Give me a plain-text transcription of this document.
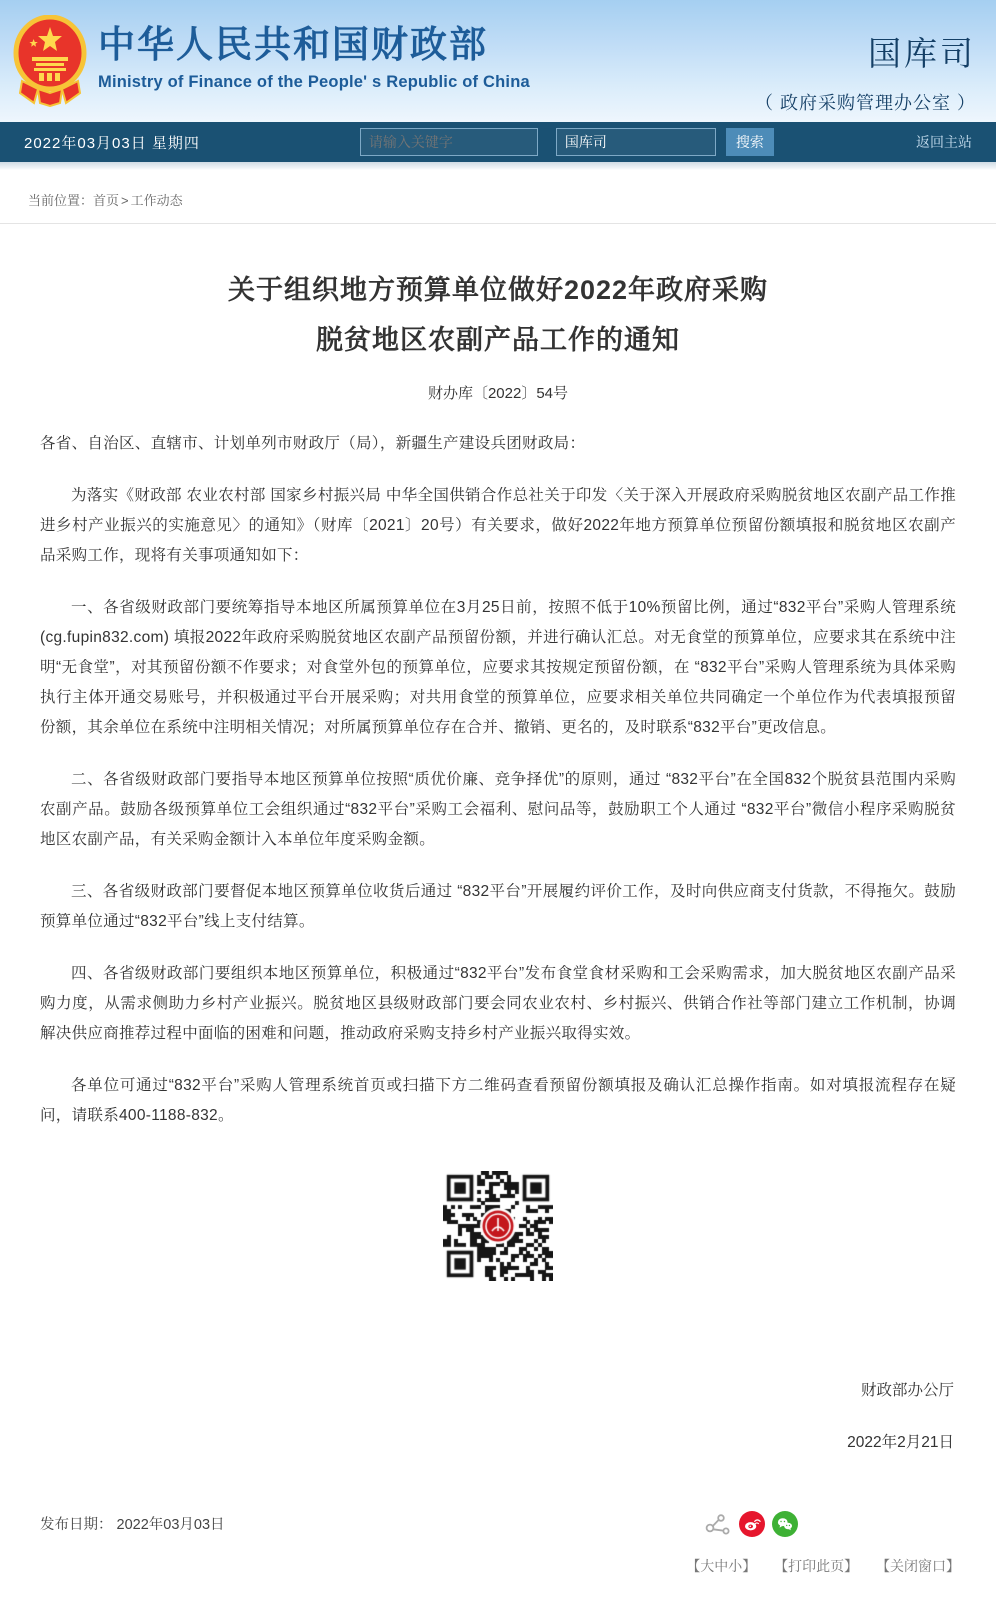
中华人民共和国财政部
Ministry of Finance of the People' s Republic of China
国库司
（ 政府采购管理办公室 ）
2022年03月03日 星期四
请输入关键字
国库司	搜索	返回主站
当前位置：首页 > 工作动态
关于组织地方预算单位做好2022年政府采购
脱贫地区农副产品工作的通知
财办库〔2022〕54号

各省、自治区、直辖市、计划单列市财政厅（局），新疆生产建设兵团财政局：

为落实《财政部 农业农村部 国家乡村振兴局 中华全国供销合作总社关于印发〈关于深入开展政府采购脱贫地区农副产品工作推进乡村产业振兴的实施意见〉的通知》（财库〔2021〕20号）有关要求，做好2022年地方预算单位预留份额填报和脱贫地区农副产品采购工作，现将有关事项通知如下：

一、各省级财政部门要统筹指导本地区所属预算单位在3月25日前，按照不低于10%预留比例，通过“832平台”采购人管理系统(cg.fupin832.com) 填报2022年政府采购脱贫地区农副产品预留份额，并进行确认汇总。对无食堂的预算单位，应要求其在系统中注明“无食堂”，对其预留份额不作要求；对食堂外包的预算单位，应要求其按规定预留份额，在 “832平台”采购人管理系统为具体采购执行主体开通交易账号，并积极通过平台开展采购；对共用食堂的预算单位，应要求相关单位共同确定一个单位作为代表填报预留份额，其余单位在系统中注明相关情况；对所属预算单位存在合并、撤销、更名的，及时联系“832平台”更改信息。

二、各省级财政部门要指导本地区预算单位按照“质优价廉、竞争择优”的原则，通过 “832平台”在全国832个脱贫县范围内采购农副产品。鼓励各级预算单位工会组织通过“832平台”采购工会福利、慰问品等，鼓励职工个人通过 “832平台”微信小程序采购脱贫地区农副产品，有关采购金额计入本单位年度采购金额。

三、各省级财政部门要督促本地区预算单位收货后通过 “832平台”开展履约评价工作，及时向供应商支付货款，不得拖欠。鼓励预算单位通过“832平台”线上支付结算。

四、各省级财政部门要组织本地区预算单位，积极通过“832平台”发布食堂食材采购和工会采购需求，加大脱贫地区农副产品采购力度，从需求侧助力乡村产业振兴。脱贫地区县级财政部门要会同农业农村、乡村振兴、供销合作社等部门建立工作机制，协调解决供应商推荐过程中面临的困难和问题，推动政府采购支持乡村产业振兴取得实效。

各单位可通过“832平台”采购人管理系统首页或扫描下方二维码查看预留份额填报及确认汇总操作指南。如对填报流程存在疑问，请联系400-1188-832。

财政部办公厅
2022年2月21日
发布日期： 2022年03月03日
【大中小】 【打印此页】 【关闭窗口】
